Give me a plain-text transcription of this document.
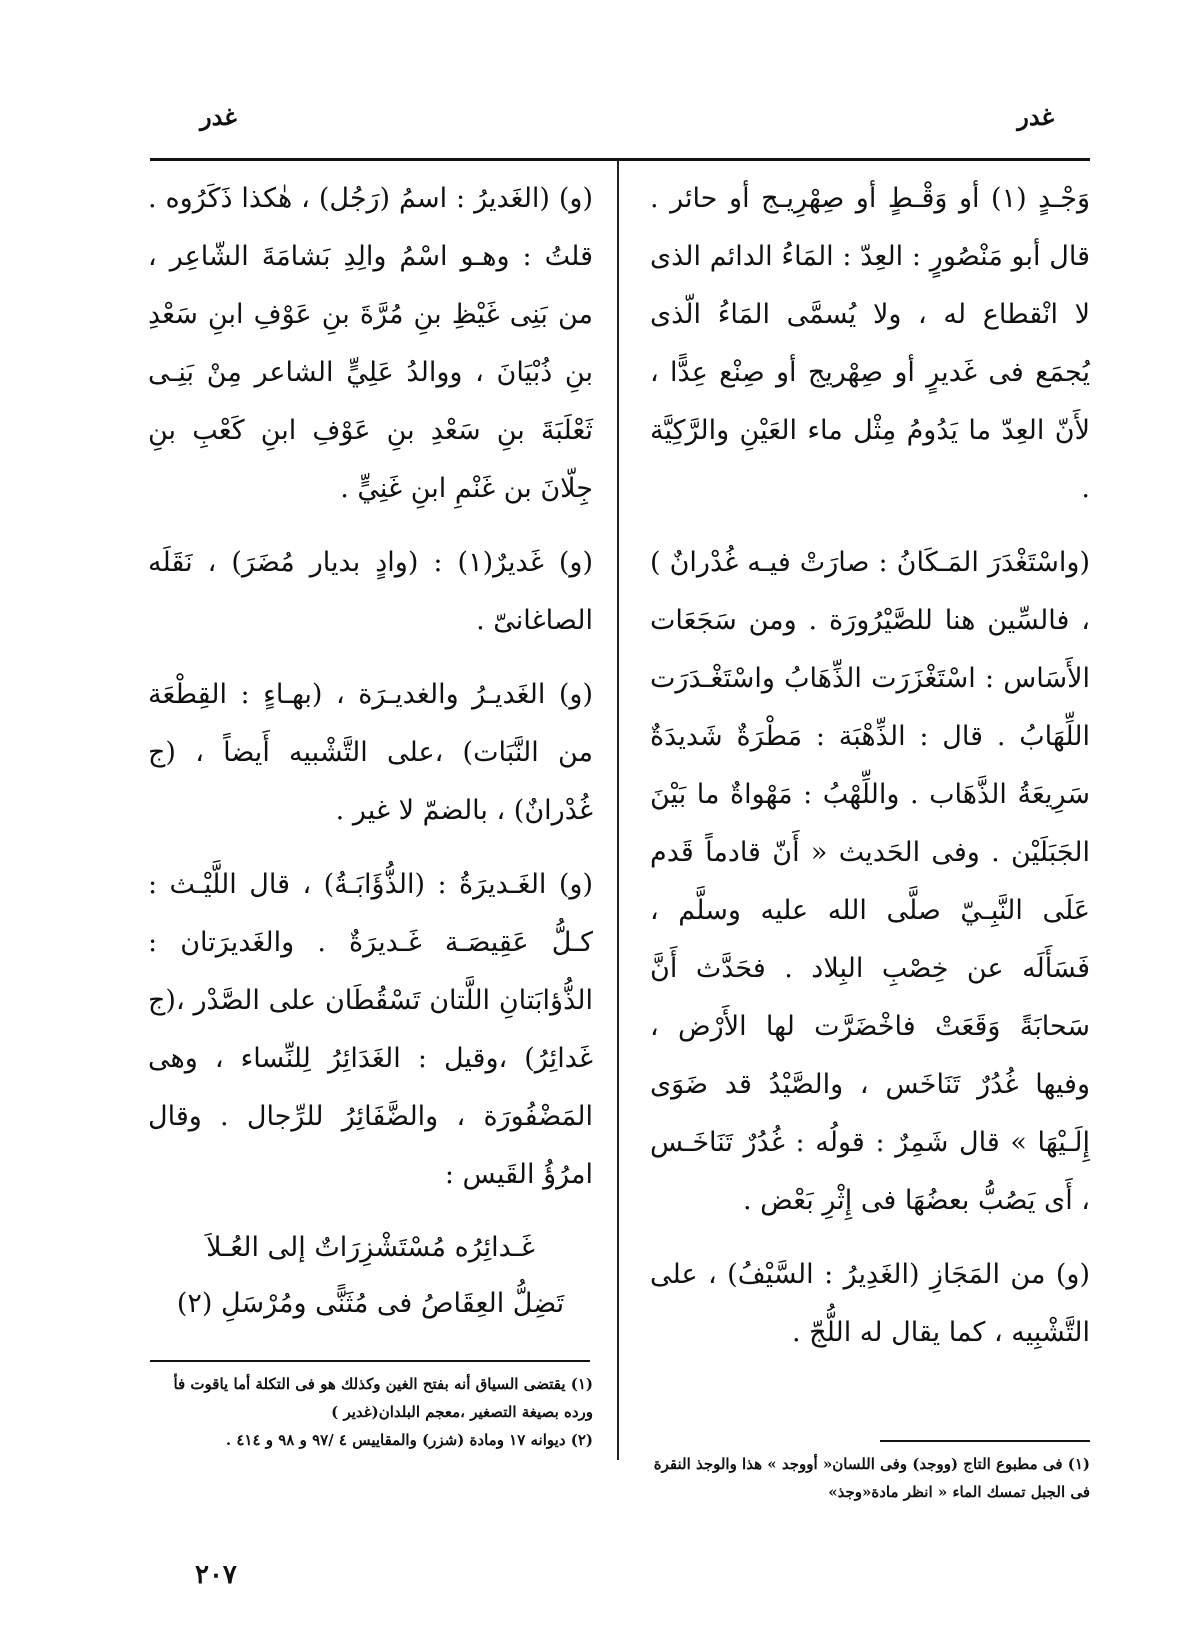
غدر
غدر

وَجْـدٍ (١) أو وَقْـطٍ أو صِهْرِيـج أو حائر . قال أبو مَنْصُورٍ : العِدّ : المَاءُ الدائم الذى لا انْقطاع له ، ولا يُسمَّى المَاءُ الّذى يُجمَع فى غَديرٍ أو صِهْريج أو صِنْع عِدًّا ، لأَنّ العِدّ ما يَدُومُ مِثْل ماء العَيْنِ والرَّكِيَّة .

(واسْتَغْدَرَ المَـكَانُ : صارَتْ فيـه غُدْرانٌ ) ، فالسِّين هنا للصَّيْرُورَة . ومن سَجَعَات الأَسَاس : اسْتَغْزَرَت الذِّهَابُ واسْتَغْـدَرَت اللِّهَابُ . قال : الذِّهْبَة : مَطْرَةٌ شَديدَةٌ سَرِيعَةُ الذَّهَاب . واللِّهْبُ : مَهْواةٌ ما بَيْنَ الجَبَلَيْن . وفى الحَديث « أَنّ قادماً قَدم عَلَى النَّبِـيّ صلَّى الله عليه وسلَّم ، فَسَأَلَه عن خِصْبِ البِلاد . فحَدَّث أَنَّ سَحابَةً وَقَعَتْ فاخْضَرَّت لها الأَرْض ، وفيها غُدُرٌ تَنَاخَس ، والصَّيْدُ قد ضَوَى إِلَـيْهَا » قال شَمِرٌ : قولُه : غُدُرٌ تَنَاخَـس ، أَى يَصُبُّ بعضُهَا فى إِثْرِ بَعْض .

(و) من المَجَازِ (الغَدِيرُ : السَّيْفُ) ، على التَّشْبِيه ، كما يقال له اللُّجّ .

(و) (الغَديرُ : اسمُ (رَجُل) ، هٰكذا ذَكَرُوه . قلتُ : وهـو اسْمُ والِدِ بَشامَةَ الشّاعِر ، من بَنِى غَيْظِ بنِ مُرَّةَ بنِ عَوْفِ ابنِ سَعْدِ بنِ ذُبْيَانَ ، ووالدُ عَلِيٍّ الشاعر مِنْ بَنِـى ثَعْلَبَةَ بنِ سَعْدِ بنِ عَوْفِ ابنِ كَعْبِ بنِ جِلّانَ بن غَنْمِ ابنِ غَنِيٍّ .

(و) غَديرٌ(١) : (وادٍ بديار مُضَرَ) ، نَقَلَه الصاغانىّ .

(و) الغَديـرُ والغديـرَة ، (بهـاءٍ : القِطْعَة من النَّبَات) ،على التَّشْبيه أَيضاً ، (ج غُدْرانٌ) ، بالضمّ لا غير .

(و) الغَـديرَةُ : (الذُّؤَابَـةُ) ، قال اللَّيْـث : كـلُّ عَقِيصَـة غَـديرَةٌ . والغَديرَتان : الذُّؤابَتانِ اللَّتان تَسْقُطَان على الصَّدْر ،(ج غَدائِرُ) ،وقيل : الغَدَائِرُ لِلنِّساء ، وهى المَضْفُورَة ، والضَّفَائِرُ للرِّجال . وقال امرُؤُ القَيس :

غَـدائِرُه مُسْتَشْزِرَاتٌ إلى العُـلاَ
تَضِلُّ العِقَاصُ فى مُثَنًّى ومُرْسَلِ (٢)

(١) يقتضى السياق أنه بفتح الغين وكذلك هو فى التكلة أما ياقوت فأ ورده بصيغة التصغير ،معجم البلدان(غدير )

(٢) ديوانه ١٧ ومادة (شزر) والمقاييس ٤ /٩٧ و ٩٨ و ٤١٤ .

(١) فى مطبوع التاج (ووجد) وفى اللسان« أووجد » هذا والوجذ النقرة فى الجبل تمسك الماء « انظر مادة«وجذ»

٢٠٧
